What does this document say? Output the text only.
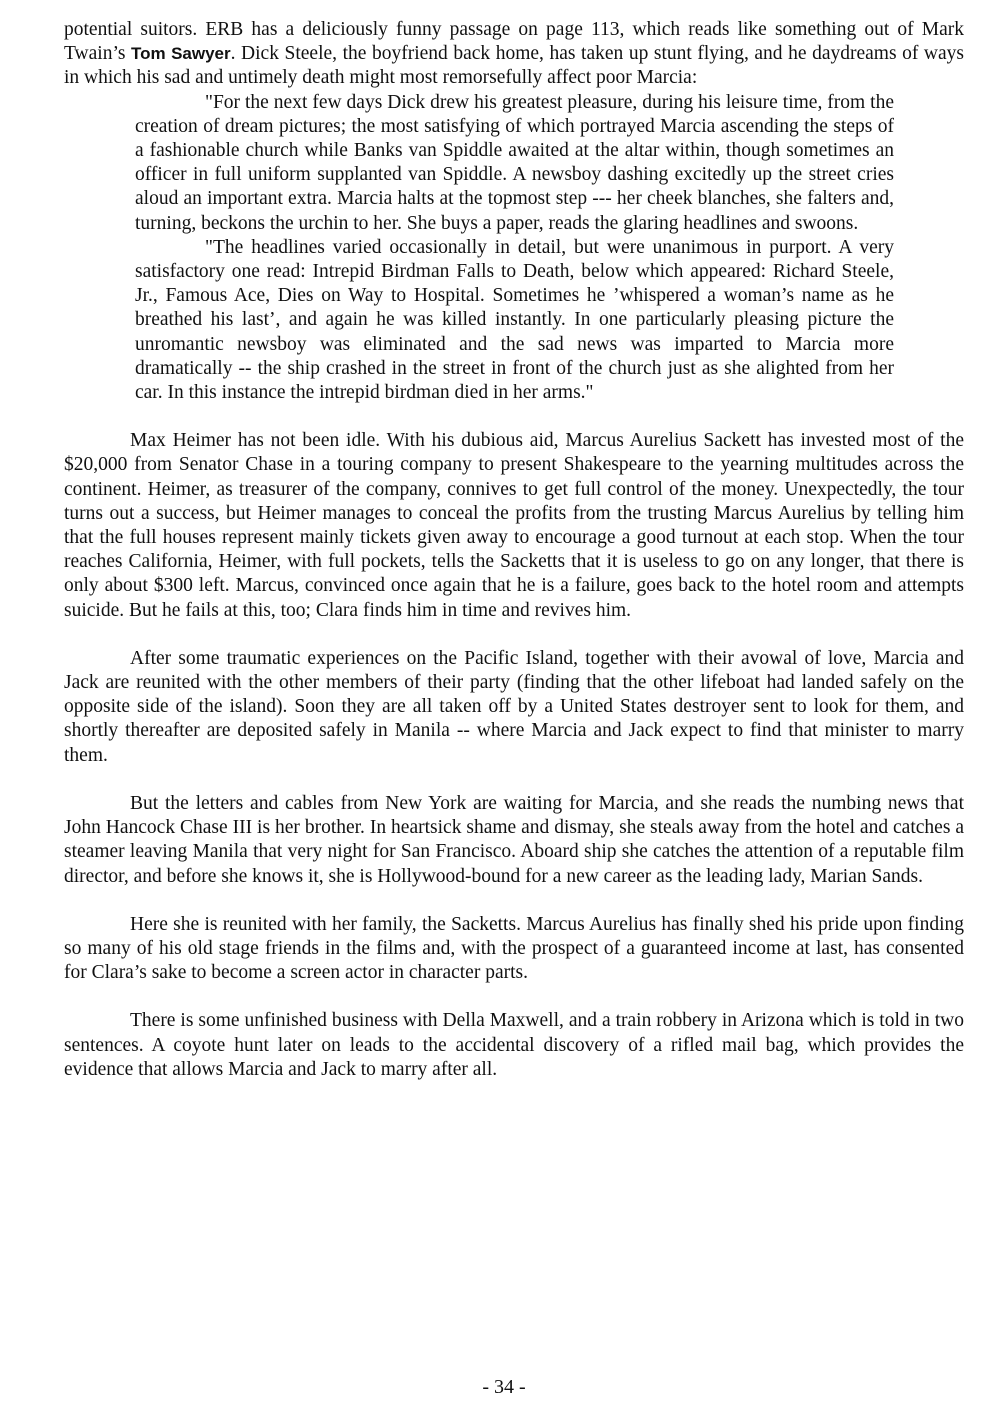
potential suitors. ERB has a deliciously funny passage on page 113, which reads like something out of Mark Twain’s Tom Sawyer. Dick Steele, the boyfriend back home, has taken up stunt flying, and he daydreams of ways in which his sad and untimely death might most remorsefully affect poor Marcia:

"For the next few days Dick drew his greatest pleasure, during his leisure time, from the creation of dream pictures; the most satisfying of which portrayed Marcia ascending the steps of a fashionable church while Banks van Spiddle awaited at the altar within, though sometimes an officer in full uniform supplanted van Spiddle. A newsboy dashing excitedly up the street cries aloud an important extra. Marcia halts at the topmost step --- her cheek blanches, she falters and, turning, beckons the urchin to her. She buys a paper, reads the glaring headlines and swoons.

"The headlines varied occasionally in detail, but were unanimous in purport. A very satisfactory one read: Intrepid Birdman Falls to Death, below which appeared: Richard Steele, Jr., Famous Ace, Dies on Way to Hospital. Sometimes he ’whispered a woman’s name as he breathed his last’, and again he was killed instantly. In one particularly pleasing picture the unromantic newsboy was eliminated and the sad news was imparted to Marcia more dramatically -- the ship crashed in the street in front of the church just as she alighted from her car. In this instance the intrepid birdman died in her arms."

Max Heimer has not been idle. With his dubious aid, Marcus Aurelius Sackett has invested most of the $20,000 from Senator Chase in a touring company to present Shakespeare to the yearning multitudes across the continent. Heimer, as treasurer of the company, connives to get full control of the money. Unexpectedly, the tour turns out a success, but Heimer manages to conceal the profits from the trusting Marcus Aurelius by telling him that the full houses represent mainly tickets given away to encourage a good turnout at each stop. When the tour reaches California, Heimer, with full pockets, tells the Sacketts that it is useless to go on any longer, that there is only about $300 left. Marcus, convinced once again that he is a failure, goes back to the hotel room and attempts suicide. But he fails at this, too; Clara finds him in time and revives him.

After some traumatic experiences on the Pacific Island, together with their avowal of love, Marcia and Jack are reunited with the other members of their party (finding that the other lifeboat had landed safely on the opposite side of the island). Soon they are all taken off by a United States destroyer sent to look for them, and shortly thereafter are deposited safely in Manila -- where Marcia and Jack expect to find that minister to marry them.

But the letters and cables from New York are waiting for Marcia, and she reads the numbing news that John Hancock Chase III is her brother. In heartsick shame and dismay, she steals away from the hotel and catches a steamer leaving Manila that very night for San Francisco. Aboard ship she catches the attention of a reputable film director, and before she knows it, she is Hollywood-bound for a new career as the leading lady, Marian Sands.

Here she is reunited with her family, the Sacketts. Marcus Aurelius has finally shed his pride upon finding so many of his old stage friends in the films and, with the prospect of a guaranteed income at last, has consented for Clara’s sake to become a screen actor in character parts.

There is some unfinished business with Della Maxwell, and a train robbery in Arizona which is told in two sentences. A coyote hunt later on leads to the accidental discovery of a rifled mail bag, which provides the evidence that allows Marcia and Jack to marry after all.

- 34 -
